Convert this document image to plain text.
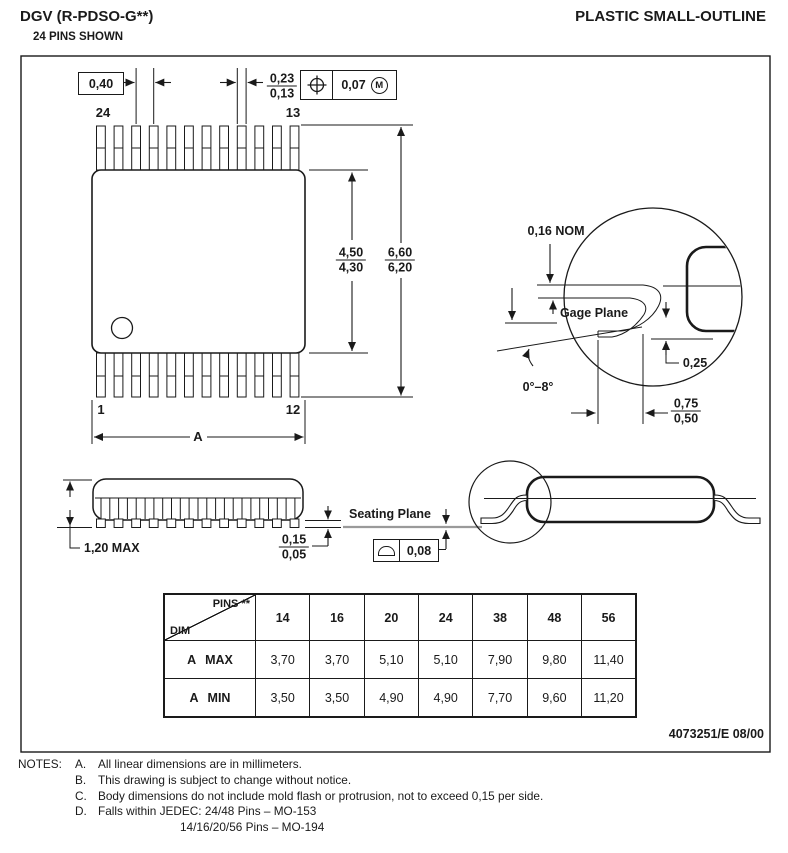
DGV (R-PDSO-G**)
24 PINS SHOWN
PLASTIC SMALL-OUTLINE
0,40	$\frac{0,23}{0,13}$	0,07	M
24	13
1	12
A
$\frac{4,50}{4,30} \frac{6,60}{6,20}$
0,16 NOM
Gage Plane
0,25
0°–8°
$\frac{0,75}{0,50}$
1,20 MAX	$\frac{0,15}{0,05}$
Seating Plane
0,08
PINS **
DIM	14	16	20	24	38	48	56
A MAX	3,70	3,70	5,10	5,10	7,90	9,80	11,40
A MIN	3,50	3,50	4,90	4,90	7,70	9,60	11,20
4073251/E 08/00
NOTES: A. All linear dimensions are in millimeters.
B. This drawing is subject to change without notice.
C. Body dimensions do not include mold flash or protrusion, not to exceed 0,15 per side.
D. Falls within JEDEC: 24/48 Pins – MO-153
14/16/20/56 Pins – MO-194
